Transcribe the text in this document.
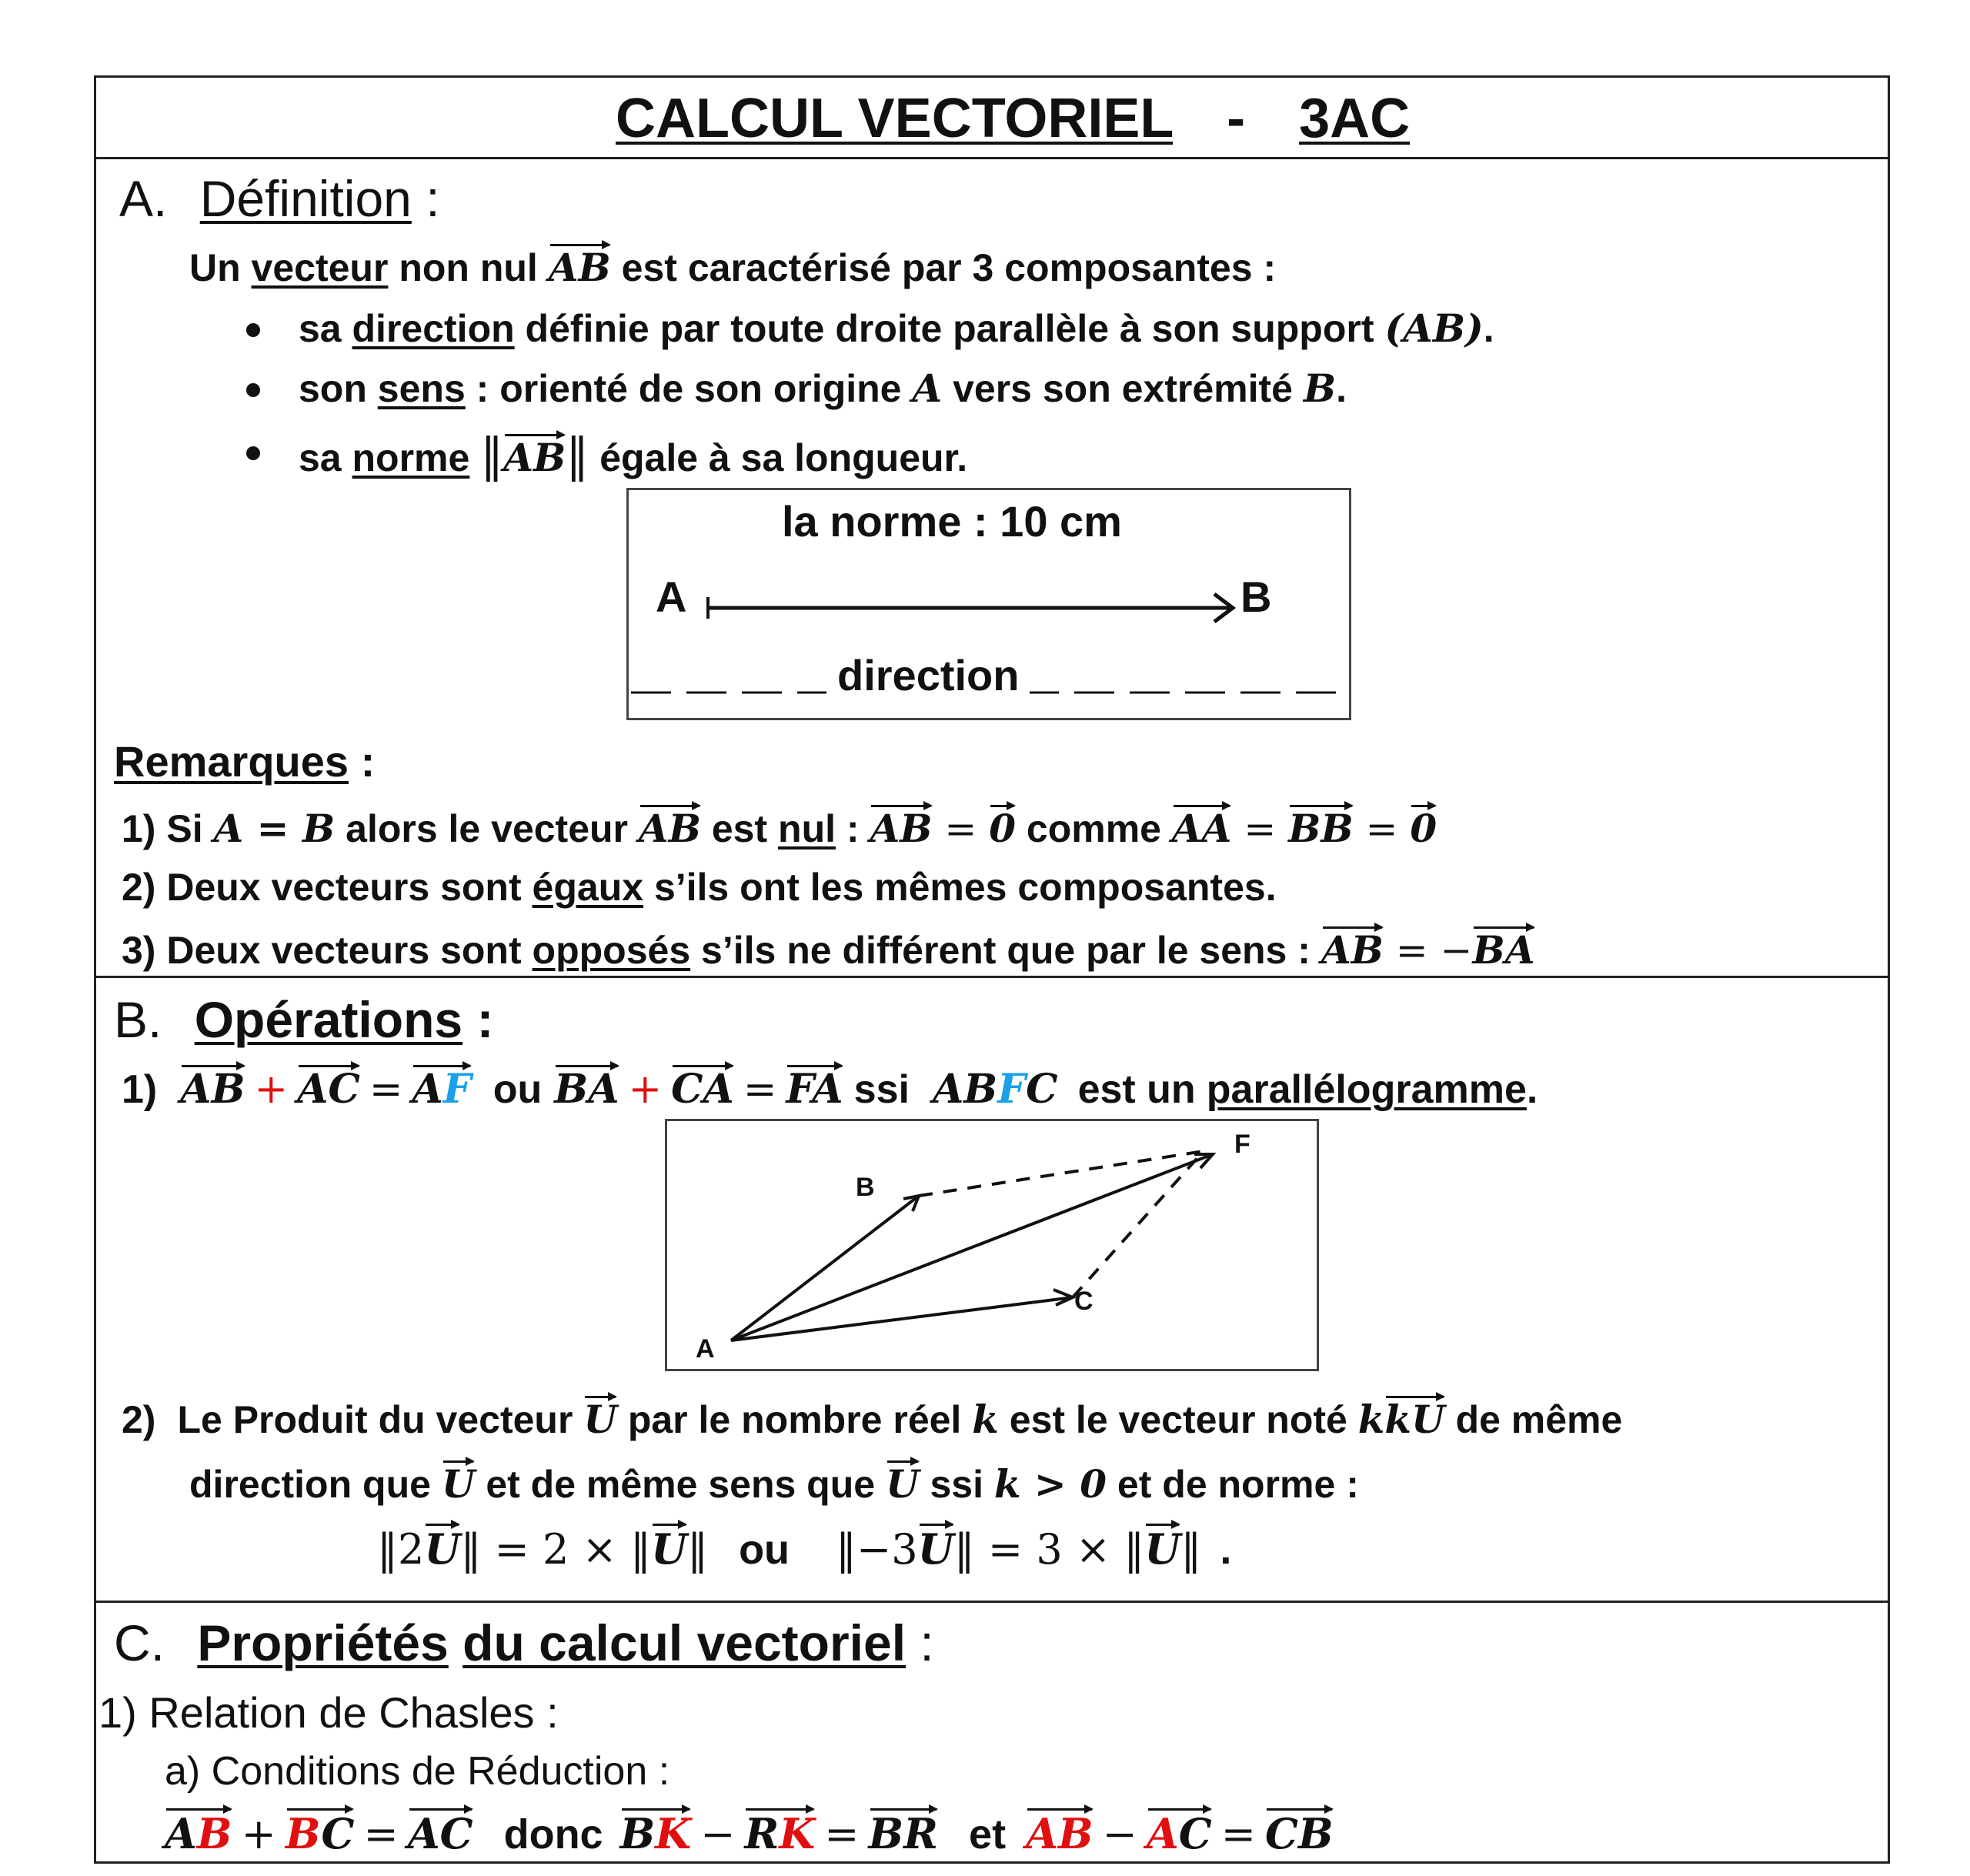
CALCUL VECTORIEL - 3AC
A. Définition :
Un vecteur non nul AB est caractérisé par 3 composantes :
sa direction définie par toute droite parallèle à son support (AB).
son sens : orienté de son origine A vers son extrémité B.
sa norme ‖AB‖ égale à sa longueur.
la norme : 10 cm
A	B
direction
Remarques :
1) Si A = B alors le vecteur AB est nul : AB = 0 comme AA = BB = 0
2) Deux vecteurs sont égaux s’ils ont les mêmes composantes.
3) Deux vecteurs sont opposés s’ils ne différent que par le sens : AB = −BA
B. Opérations :
1) AB + AC = AF ou BA + CA = FA ssi ABFC est un parallélogramme.
B
C
F
A
2) Le Produit du vecteur U par le nombre réel k est le vecteur noté kkU de même
direction que U et de même sens que U ssi k > 0 et de norme :
‖2U‖ = 2 × ‖U‖ ou ‖−3U‖ = 3 × ‖U‖ .
C. Propriétés du calcul vectoriel :
1) Relation de Chasles :
a) Conditions de Réduction :
AB + BC = AC donc BK − RK = BR et AB − AC = CB
